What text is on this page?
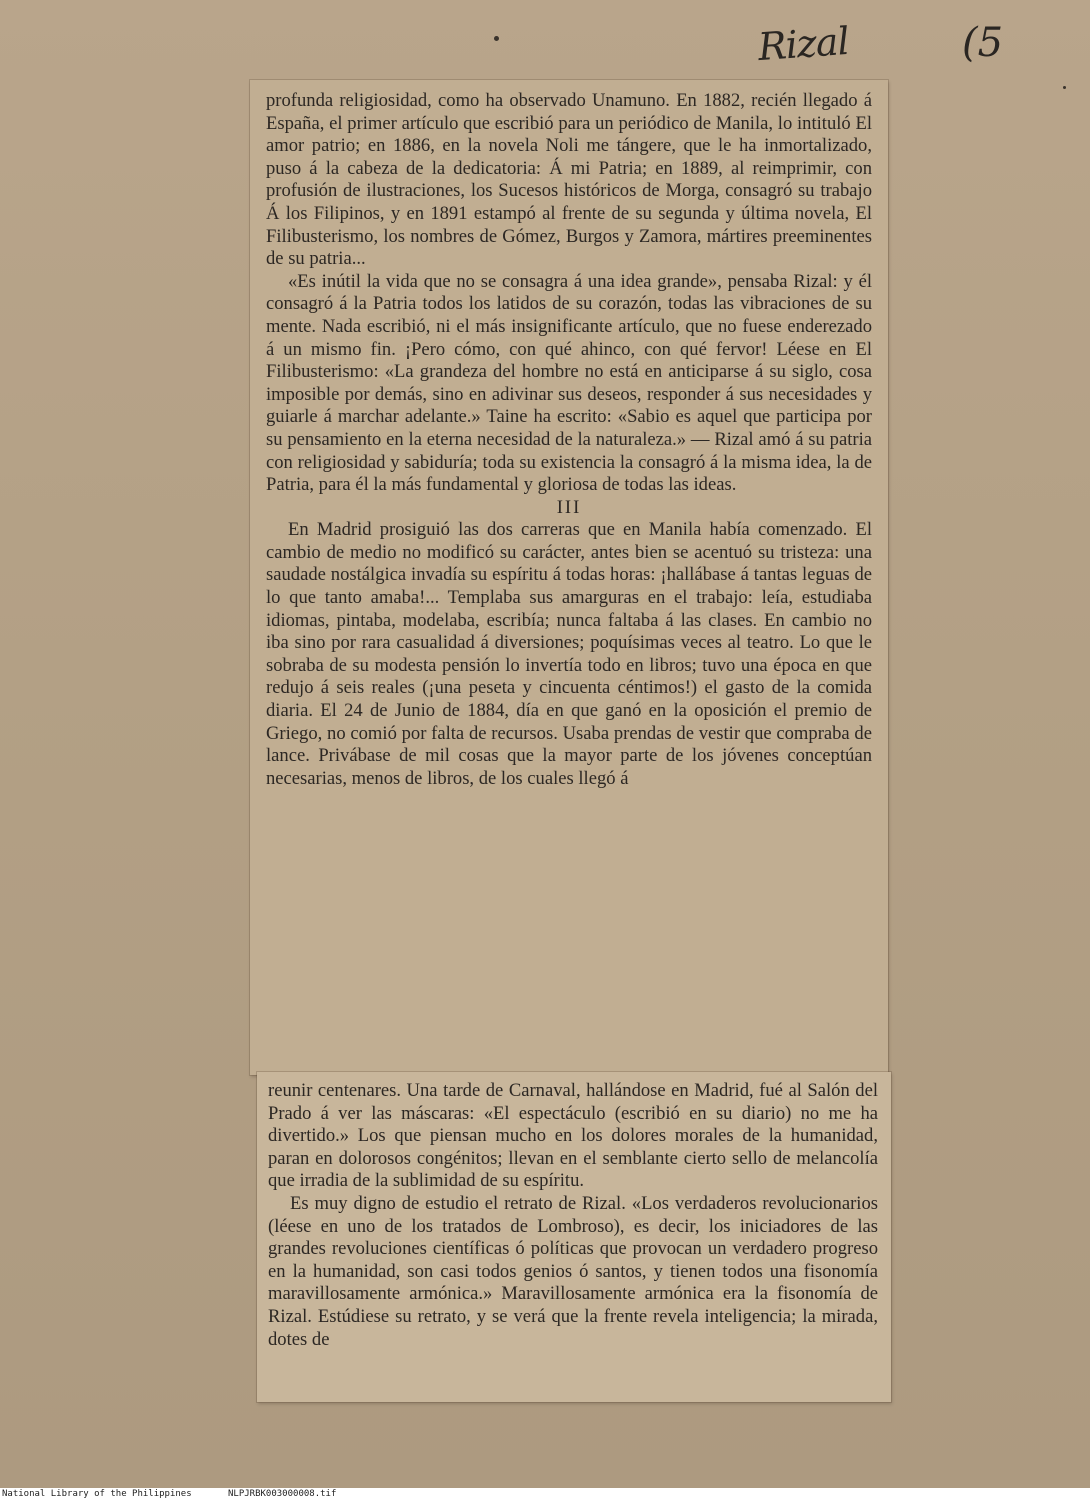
Rizal	(5

profunda religiosidad, como ha observado Unamuno. En 1882, recién llegado á España, el primer artículo que escribió para un periódico de Manila, lo intituló El amor patrio; en 1886, en la novela Noli me tángere, que le ha inmortalizado, puso á la cabeza de la dedicatoria: Á mi Patria; en 1889, al reimprimir, con profusión de ilustraciones, los Sucesos históricos de Morga, consagró su trabajo Á los Filipinos, y en 1891 estampó al frente de su segunda y última novela, El Filibusterismo, los nombres de Gómez, Burgos y Zamora, mártires preeminentes de su patria...

«Es inútil la vida que no se consagra á una idea grande», pensaba Rizal: y él consagró á la Patria todos los latidos de su corazón, todas las vibraciones de su mente. Nada escribió, ni el más insignificante artículo, que no fuese enderezado á un mismo fin. ¡Pero cómo, con qué ahinco, con qué fervor! Léese en El Filibusterismo: «La grandeza del hombre no está en anticiparse á su siglo, cosa imposible por demás, sino en adivinar sus deseos, responder á sus necesidades y guiarle á marchar adelante.» Taine ha escrito: «Sabio es aquel que participa por su pensamiento en la eterna necesidad de la naturaleza.» — Rizal amó á su patria con religiosidad y sabiduría; toda su existencia la consagró á la misma idea, la de Patria, para él la más fundamental y gloriosa de todas las ideas.

III

En Madrid prosiguió las dos carreras que en Manila había comenzado. El cambio de medio no modificó su carácter, antes bien se acentuó su tristeza: una saudade nostálgica invadía su espíritu á todas horas: ¡hallábase á tantas leguas de lo que tanto amaba!... Templaba sus amarguras en el trabajo: leía, estudiaba idiomas, pintaba, modelaba, escribía; nunca faltaba á las clases. En cambio no iba sino por rara casualidad á diversiones; poquísimas veces al teatro. Lo que le sobraba de su modesta pensión lo invertía todo en libros; tuvo una época en que redujo á seis reales (¡una peseta y cincuenta céntimos!) el gasto de la comida diaria. El 24 de Junio de 1884, día en que ganó en la oposición el premio de Griego, no comió por falta de recursos. Usaba prendas de vestir que compraba de lance. Privábase de mil cosas que la mayor parte de los jóvenes conceptúan necesarias, menos de libros, de los cuales llegó á

reunir centenares. Una tarde de Carnaval, hallándose en Madrid, fué al Salón del Prado á ver las máscaras: «El espectáculo (escribió en su diario) no me ha divertido.» Los que piensan mucho en los dolores morales de la humanidad, paran en dolorosos congénitos; llevan en el semblante cierto sello de melancolía que irradia de la sublimidad de su espíritu.

Es muy digno de estudio el retrato de Rizal. «Los verdaderos revolucionarios (léese en uno de los tratados de Lombroso), es decir, los iniciadores de las grandes revoluciones científicas ó políticas que provocan un verdadero progreso en la humanidad, son casi todos genios ó santos, y tienen todos una fisonomía maravillosamente armónica.» Maravillosamente armónica era la fisonomía de Rizal. Estúdiese su retrato, y se verá que la frente revela inteligencia; la mirada, dotes de

National Library of the Philippines	NLPJRBK003000008.tif
